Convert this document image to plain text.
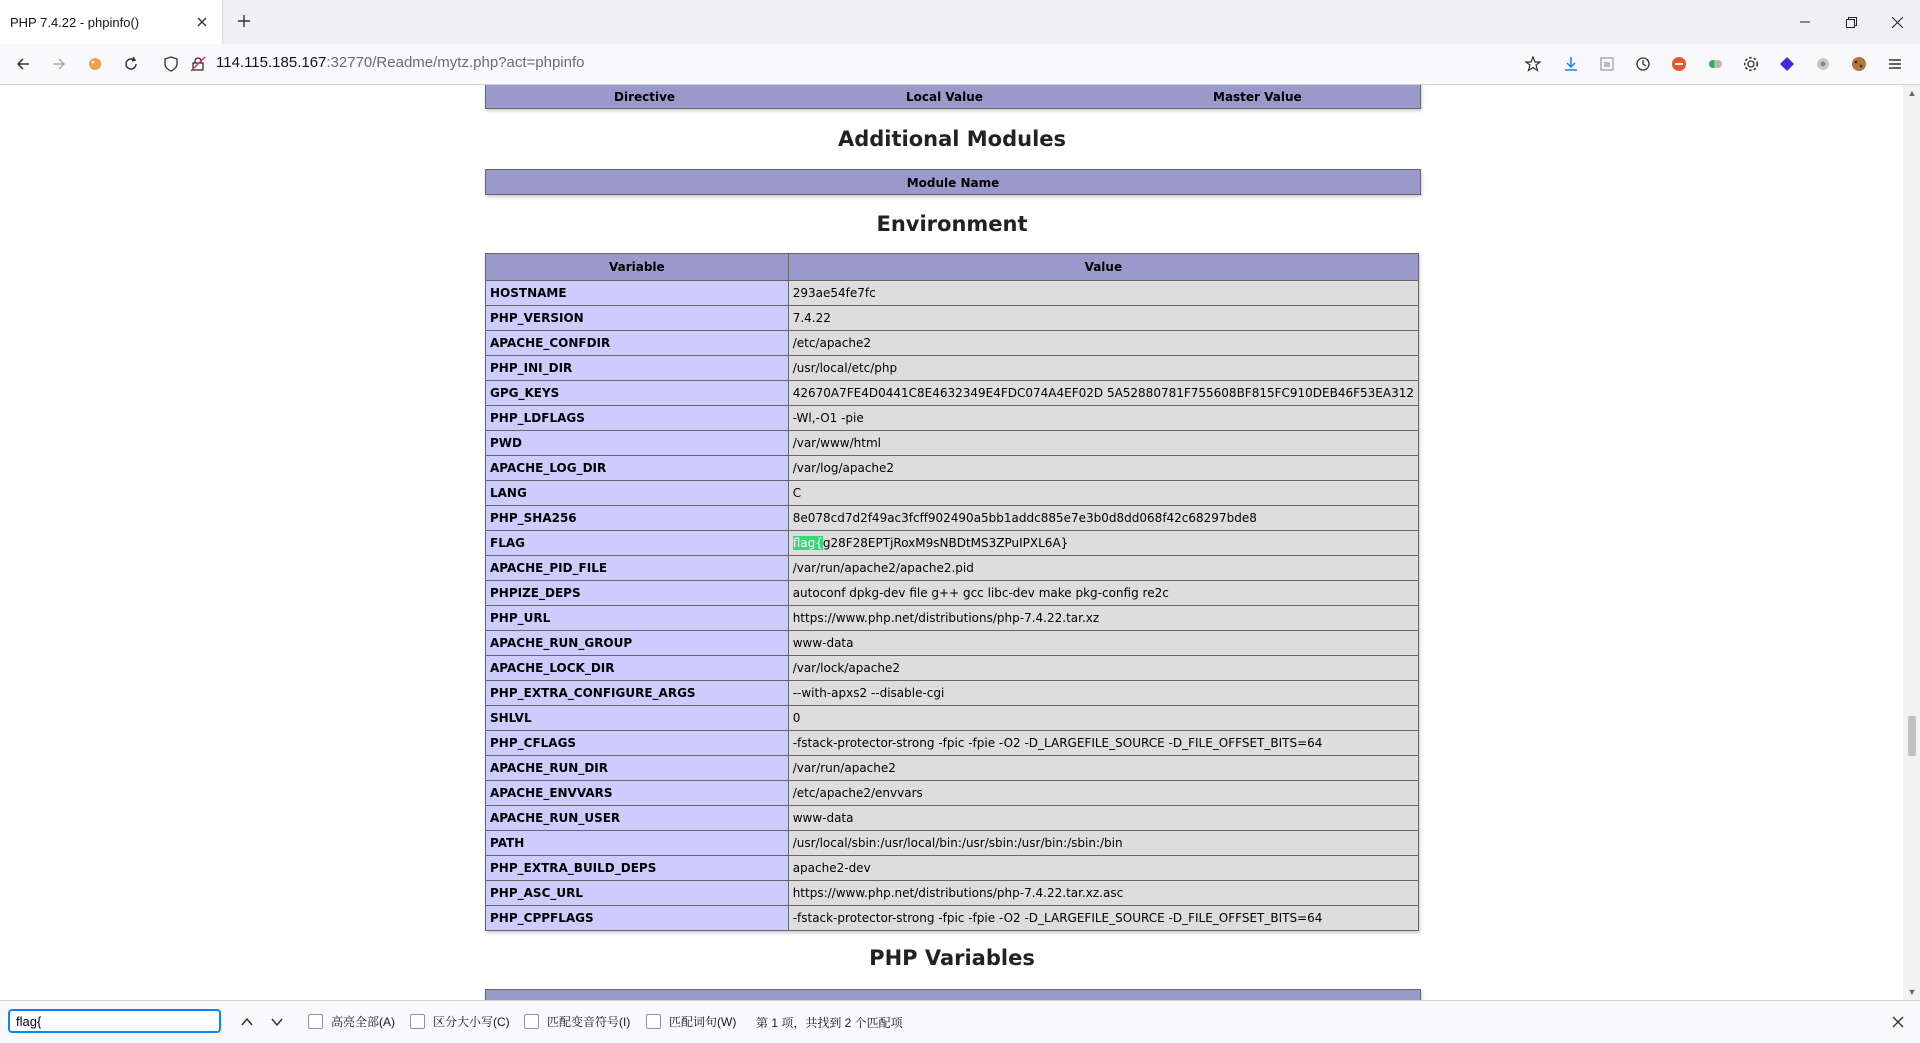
PHP 7.4.22 - phpinfo()
114.115.185.167:32770/Readme/mytz.php?act=phpinfo
Directive	Local Value	Master Value
Additional Modules
Module Name
Environment
Variable	Value
HOSTNAME	293ae54fe7fc
PHP_VERSION	7.4.22
APACHE_CONFDIR	/etc/apache2
PHP_INI_DIR	/usr/local/etc/php
GPG_KEYS	42670A7FE4D0441C8E4632349E4FDC074A4EF02D 5A52880781F755608BF815FC910DEB46F53EA312
PHP_LDFLAGS	-Wl,-O1 -pie
PWD	/var/www/html
APACHE_LOG_DIR	/var/log/apache2
LANG	C
PHP_SHA256	8e078cd7d2f49ac3fcff902490a5bb1addc885e7e3b0d8dd068f42c68297bde8
FLAG	flag{g28F28EPTjRoxM9sNBDtMS3ZPuIPXL6A}
APACHE_PID_FILE	/var/run/apache2/apache2.pid
PHPIZE_DEPS	autoconf dpkg-dev file g++ gcc libc-dev make pkg-config re2c
PHP_URL	https://www.php.net/distributions/php-7.4.22.tar.xz
APACHE_RUN_GROUP	www-data
APACHE_LOCK_DIR	/var/lock/apache2
PHP_EXTRA_CONFIGURE_ARGS	--with-apxs2 --disable-cgi
SHLVL	0
PHP_CFLAGS	-fstack-protector-strong -fpic -fpie -O2 -D_LARGEFILE_SOURCE -D_FILE_OFFSET_BITS=64
APACHE_RUN_DIR	/var/run/apache2
APACHE_ENVVARS	/etc/apache2/envvars
APACHE_RUN_USER	www-data
PATH	/usr/local/sbin:/usr/local/bin:/usr/sbin:/usr/bin:/sbin:/bin
PHP_EXTRA_BUILD_DEPS	apache2-dev
PHP_ASC_URL	https://www.php.net/distributions/php-7.4.22.tar.xz.asc
PHP_CPPFLAGS	-fstack-protector-strong -fpic -fpie -O2 -D_LARGEFILE_SOURCE -D_FILE_OFFSET_BITS=64
PHP Variables
▲
▼
flag{
高亮全部(A)	区分大小写(C)	匹配变音符号(I)	匹配词句(W) 第 1 项，共找到 2 个匹配项
